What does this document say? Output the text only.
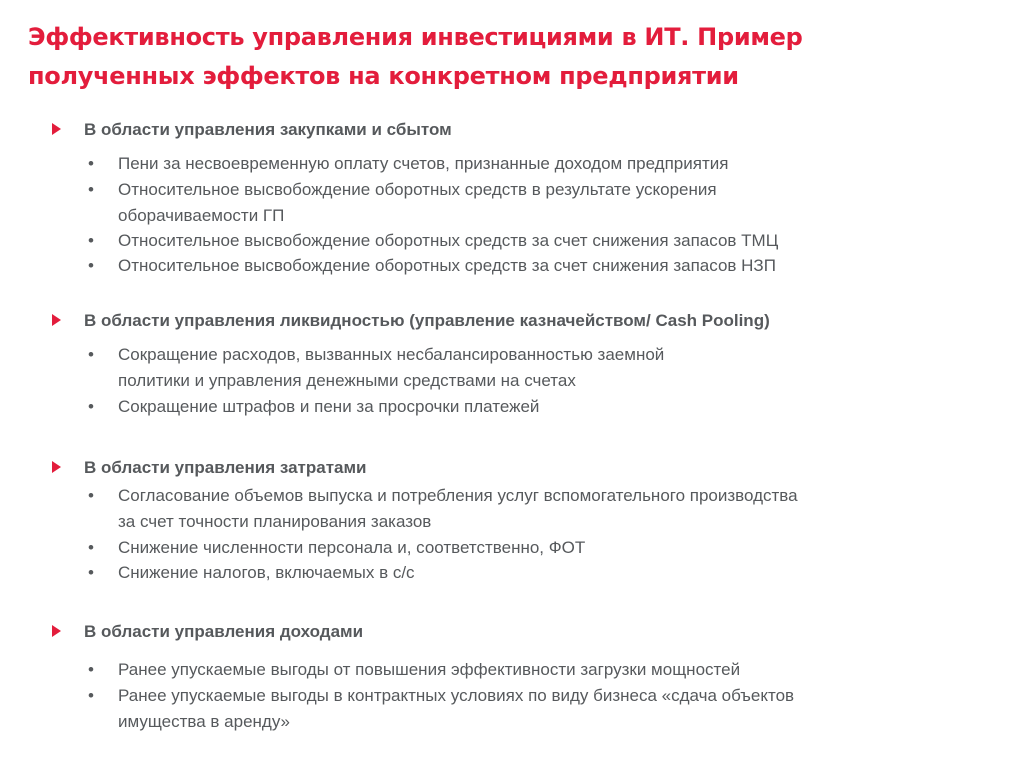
Эффективность управления инвестициями в ИТ. Пример
полученных эффектов на конкретном предприятии
В области управления закупками и сбытом
•	Пени за несвоевременную оплату счетов, признанные доходом предприятия
•	Относительное высвобождение оборотных средств в результате ускорения
оборачиваемости ГП
•	Относительное высвобождение оборотных средств за счет снижения запасов ТМЦ
•	Относительное высвобождение оборотных средств за счет снижения запасов НЗП
В области управления ликвидностью (управление казначейством/ Cash Pooling)
•	Сокращение расходов, вызванных несбалансированностью заемной
политики и управления денежными средствами на счетах
•	Сокращение штрафов и пени за просрочки платежей
В области управления затратами
•	Согласование объемов выпуска и потребления услуг вспомогательного производства
за счет точности планирования заказов
•	Снижение численности персонала и, соответственно, ФОТ
•	Снижение налогов, включаемых в с/с
В области управления доходами
•	Ранее упускаемые выгоды от повышения эффективности загрузки мощностей
•	Ранее упускаемые выгоды в контрактных условиях по виду бизнеса «сдача объектов
имущества в аренду»
